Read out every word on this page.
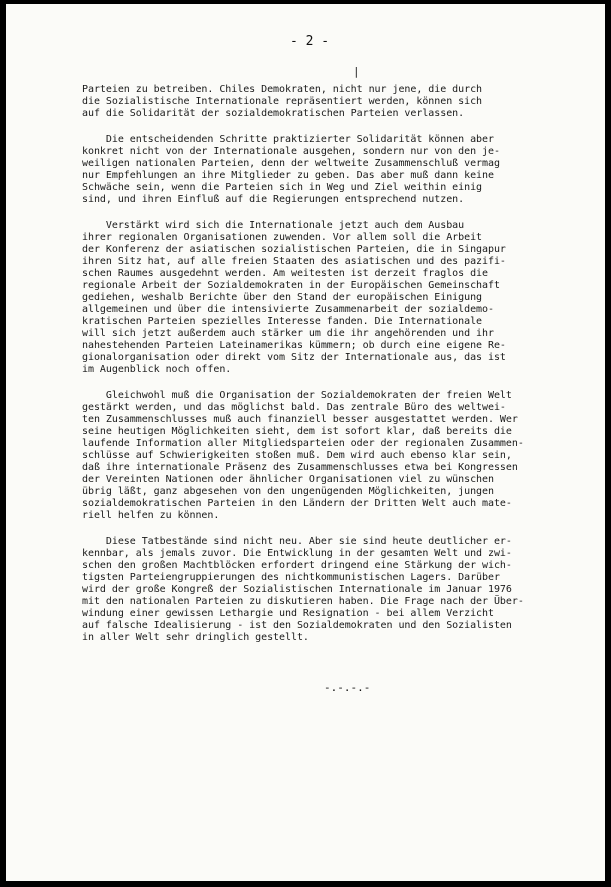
- 2 -
|
Parteien zu betreiben. Chiles Demokraten, nicht nur jene, die durch
die Sozialistische Internationale repräsentiert werden, können sich
auf die Solidarität der sozialdemokratischen Parteien verlassen.
Die entscheidenden Schritte praktizierter Solidarität können aber
konkret nicht von der Internationale ausgehen, sondern nur von den je-
weiligen nationalen Parteien, denn der weltweite Zusammenschluß vermag
nur Empfehlungen an ihre Mitglieder zu geben. Das aber muß dann keine
Schwäche sein, wenn die Parteien sich in Weg und Ziel weithin einig
sind, und ihren Einfluß auf die Regierungen entsprechend nutzen.
Verstärkt wird sich die Internationale jetzt auch dem Ausbau
ihrer regionalen Organisationen zuwenden. Vor allem soll die Arbeit
der Konferenz der asiatischen sozialistischen Parteien, die in Singapur
ihren Sitz hat, auf alle freien Staaten des asiatischen und des pazifi-
schen Raumes ausgedehnt werden. Am weitesten ist derzeit fraglos die
regionale Arbeit der Sozialdemokraten in der Europäischen Gemeinschaft
gediehen, weshalb Berichte über den Stand der europäischen Einigung
allgemeinen und über die intensivierte Zusammenarbeit der sozialdemo-
kratischen Parteien spezielles Interesse fanden. Die Internationale
will sich jetzt außerdem auch stärker um die ihr angehörenden und ihr
nahestehenden Parteien Lateinamerikas kümmern; ob durch eine eigene Re-
gionalorganisation oder direkt vom Sitz der Internationale aus, das ist
im Augenblick noch offen.
Gleichwohl muß die Organisation der Sozialdemokraten der freien Welt
gestärkt werden, und das möglichst bald. Das zentrale Büro des weltwei-
ten Zusammenschlusses muß auch finanziell besser ausgestattet werden. Wer
seine heutigen Möglichkeiten sieht, dem ist sofort klar, daß bereits die
laufende Information aller Mitgliedsparteien oder der regionalen Zusammen-
schlüsse auf Schwierigkeiten stoßen muß. Dem wird auch ebenso klar sein,
daß ihre internationale Präsenz des Zusammenschlusses etwa bei Kongressen
der Vereinten Nationen oder ähnlicher Organisationen viel zu wünschen
übrig läßt, ganz abgesehen von den ungenügenden Möglichkeiten, jungen
sozialdemokratischen Parteien in den Ländern der Dritten Welt auch mate-
riell helfen zu können.
Diese Tatbestände sind nicht neu. Aber sie sind heute deutlicher er-
kennbar, als jemals zuvor. Die Entwicklung in der gesamten Welt und zwi-
schen den großen Machtblöcken erfordert dringend eine Stärkung der wich-
tigsten Parteiengruppierungen des nichtkommunistischen Lagers. Darüber
wird der große Kongreß der Sozialistischen Internationale im Januar 1976
mit den nationalen Parteien zu diskutieren haben. Die Frage nach der Über-
windung einer gewissen Lethargie und Resignation - bei allem Verzicht
auf falsche Idealisierung - ist den Sozialdemokraten und den Sozialisten
in aller Welt sehr dringlich gestellt.
-.-.-.-
